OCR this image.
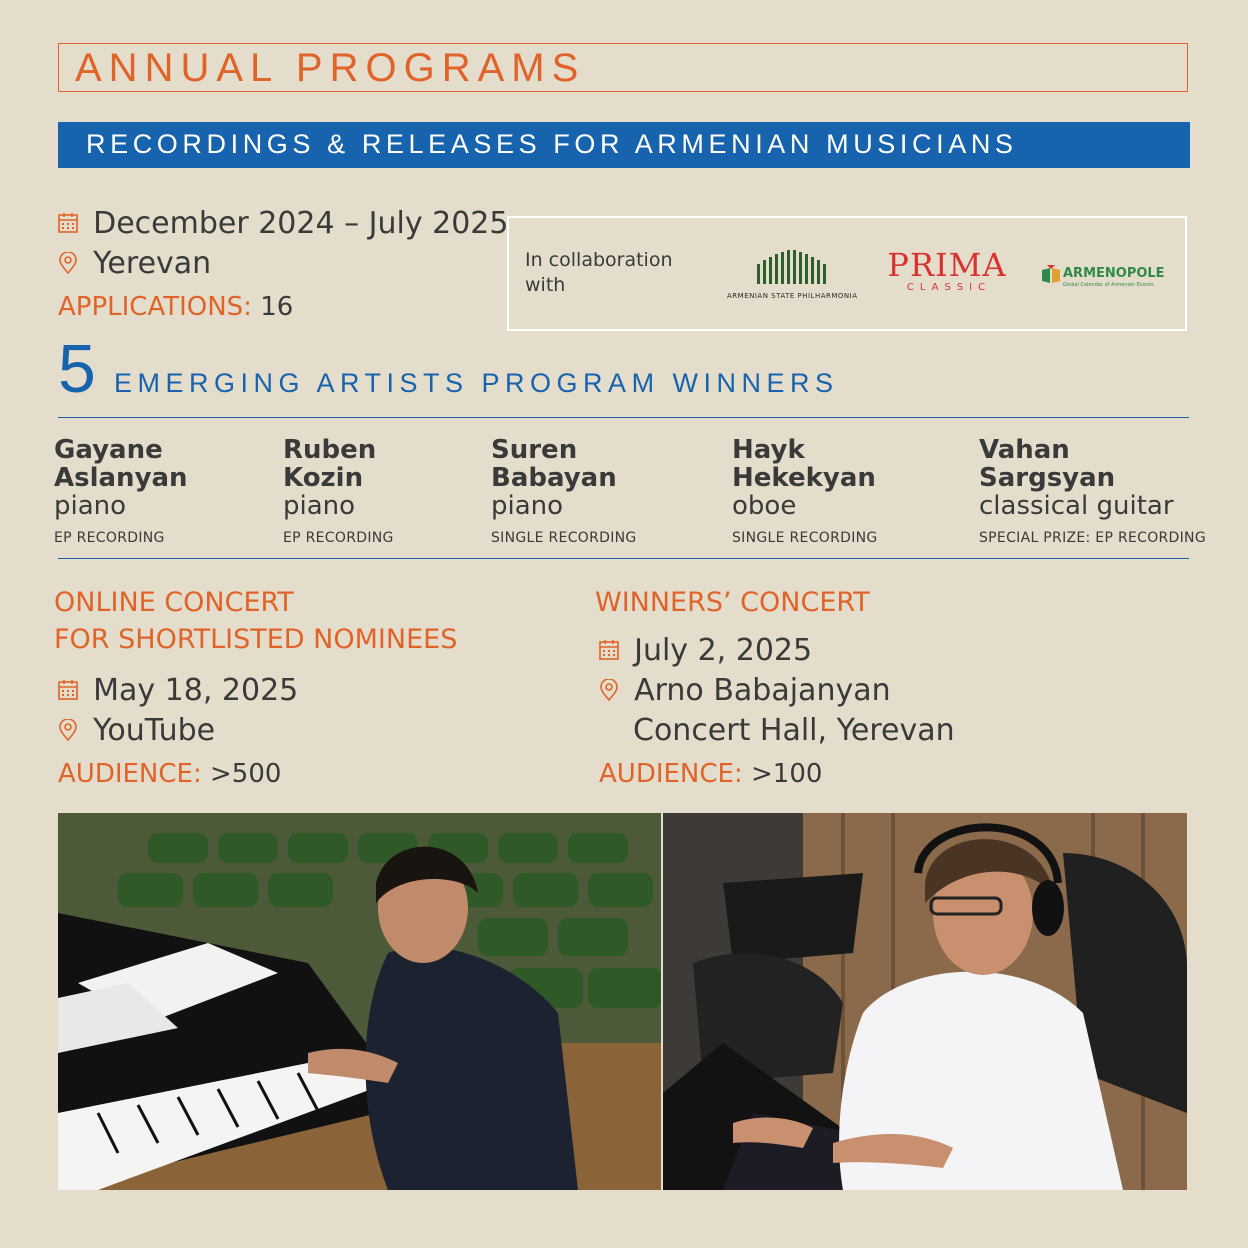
ANNUAL PROGRAMS
RECORDINGS & RELEASES FOR ARMENIAN MUSICIANS
December 2024 – July 2025
Yerevan
APPLICATIONS: 16
In collaboration with	ARMENIAN STATE PHILHARMONIA
PRIMA
CLASSIC
ARMENOPOLE
Global Calendar of Armenian Events
5 EMERGING ARTISTS PROGRAM WINNERS
Gayane
Aslanyan
piano
EP RECORDING
Ruben
Kozin
piano
EP RECORDING
Suren
Babayan
piano
SINGLE RECORDING
Hayk
Hekekyan
oboe
SINGLE RECORDING
Vahan
Sargsyan
classical guitar
SPECIAL PRIZE: EP RECORDING
ONLINE CONCERT
FOR SHORTLISTED NOMINEES
May 18, 2025
YouTube
AUDIENCE: >500
WINNERS’ CONCERT
July 2, 2025
Arno Babajanyan
Concert Hall, Yerevan
AUDIENCE: >100
